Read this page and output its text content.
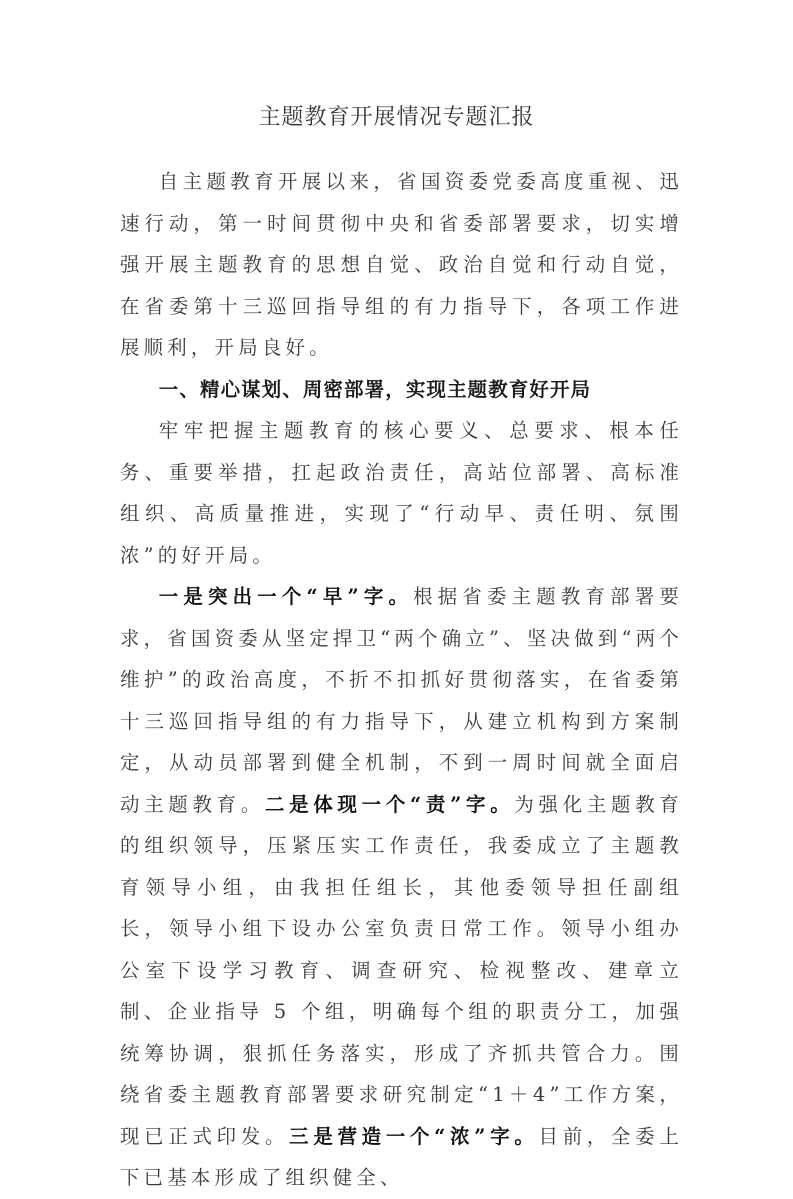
主题教育开展情况专题汇报

自主题教育开展以来，省国资委党委高度重视、迅速行动，第一时间贯彻中央和省委部署要求，切实增强开展主题教育的思想自觉、政治自觉和行动自觉，在省委第十三巡回指导组的有力指导下，各项工作进展顺利，开局良好。

一、精心谋划、周密部署，实现主题教育好开局

牢牢把握主题教育的核心要义、总要求、根本任务、重要举措，扛起政治责任，高站位部署、高标准组织、高质量推进，实现了“行动早、责任明、氛围浓”的好开局。

一是突出一个“早”字。根据省委主题教育部署要求，省国资委从坚定捍卫“两个确立”、坚决做到“两个维护”的政治高度，不折不扣抓好贯彻落实，在省委第十三巡回指导组的有力指导下，从建立机构到方案制定，从动员部署到健全机制，不到一周时间就全面启动主题教育。二是体现一个“责”字。为强化主题教育的组织领导，压紧压实工作责任，我委成立了主题教育领导小组，由我担任组长，其他委领导担任副组长，领导小组下设办公室负责日常工作。领导小组办公室下设学习教育、调查研究、检视整改、建章立制、企业指导 5 个组，明确每个组的职责分工，加强统筹协调，狠抓任务落实，形成了齐抓共管合力。围绕省委主题教育部署要求研究制定“1＋4”工作方案，现已正式印发。三是营造一个“浓”字。目前，全委上下已基本形成了组织健全、
